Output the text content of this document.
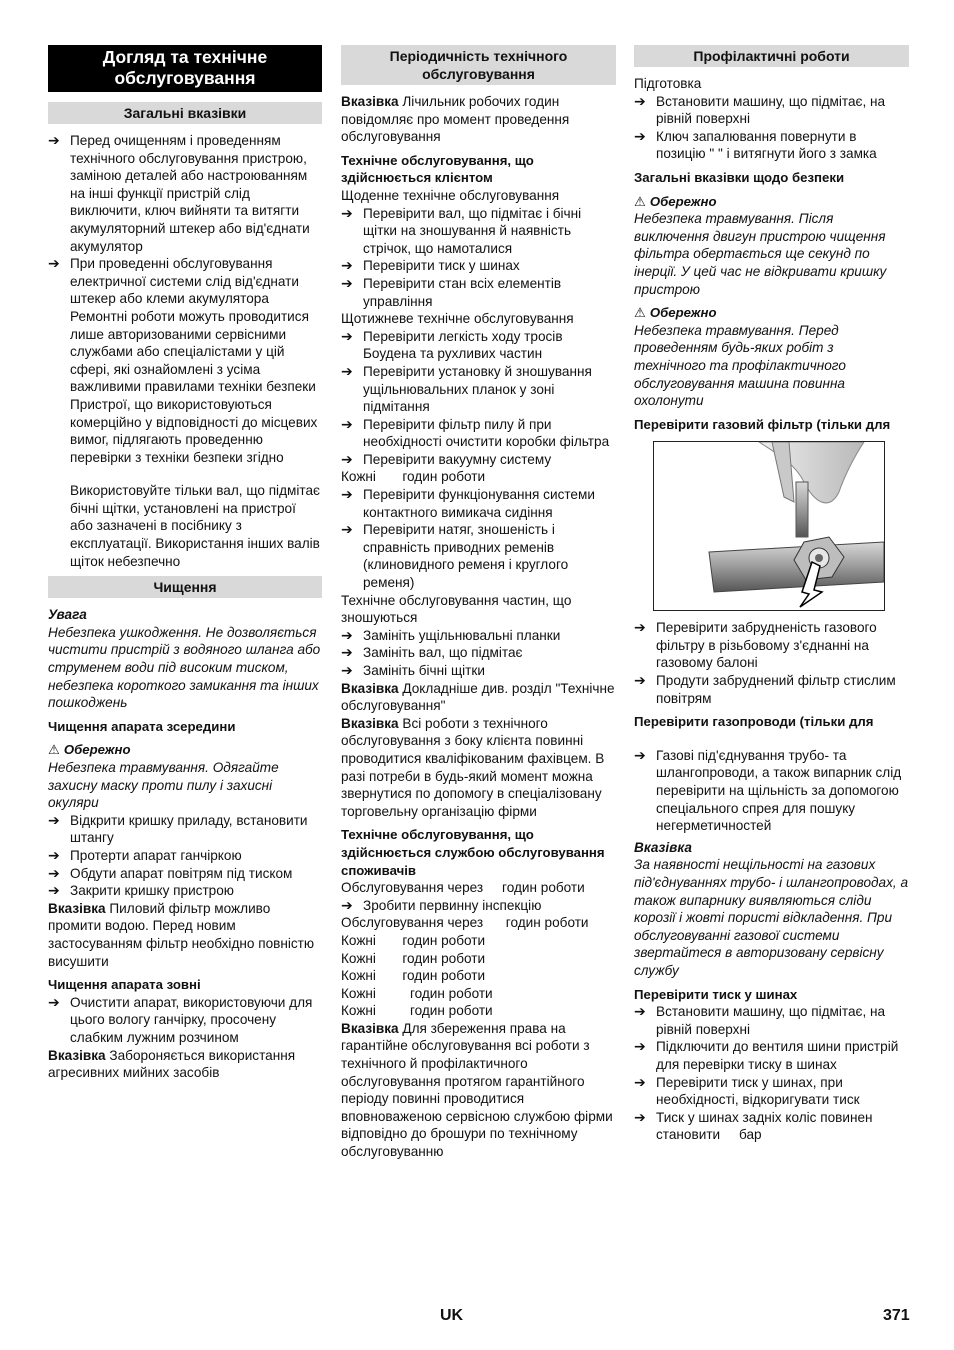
Догляд та технічне обслуговування
Загальні вказівки
➔ Перед очищенням і проведенням технічного обслуговування пристрою, заміною деталей або настроюванням на інші функції пристрій слід виключити, ключ вийняти та витягти акумуляторний штекер або від'єднати акумулятор
➔ При проведенні обслуговування електричної системи слід від'єднати штекер або клеми акумулятора
Ремонтні роботи можуть проводитися лише авторизованими сервісними службами або спеціалістами у цій сфері, які ознайомлені з усіма важливими правилами техніки безпеки
Пристрої, що використовуються комерційно у відповідності до місцевих вимог, підлягають проведенню перевірки з техніки безпеки згідно
Використовуйте тільки вал, що підмітає бічні щітки, установлені на пристрої або зазначені в посібнику з експлуатації. Використання інших валів щіток небезпечно
Чищення
Увага
Небезпека ушкодження. Не дозволяється чистити пристрій з водяного шланга або струменем води під високим тиском, небезпека короткого замикання та інших пошкоджень
Чищення апарата зсередини
⚠ Обережно
Небезпека травмування. Одягайте захисну маску проти пилу і захисні окуляри
➔ Відкрити кришку приладу, встановити штангу
➔ Протерти апарат ганчіркою
➔ Обдути апарат повітрям під тиском
➔ Закрити кришку пристрою
Вказівка Пиловий фільтр можливо промити водою. Перед новим застосуванням фільтр необхідно повністю висушити
Чищення апарата зовні
➔ Очистити апарат, використовуючи для цього вологу ганчірку, просочену слабким лужним розчином
Вказівка Забороняється використання агресивних мийних засобів
Періодичність технічного обслуговування
Вказівка Лічильник робочих годин повідомляє про момент проведення обслуговування
Технічне обслуговування, що здійснюється клієнтом
Щоденне технічне обслуговування
➔ Перевірити вал, що підмітає і бічні щітки на зношування й наявність стрічок, що намоталися
➔ Перевірити тиск у шинах
➔ Перевірити стан всіх елементів управління
Щотижневе технічне обслуговування
➔ Перевірити легкість ходу тросів Боудена та рухливих частин
➔ Перевірити установку й зношування ущільнювальних планок у зоні підмітання
➔ Перевірити фільтр пилу й при необхідності очистити коробки фільтра
➔ Перевірити вакуумну систему
Кожні       годин роботи
➔ Перевірити функціонування системи контактного вимикача сидіння
➔ Перевірити натяг, зношеність і справність приводних ременів (клиновидного ременя і круглого ременя)
Технічне обслуговування частин, що зношуються
➔ Замініть ущільнювальні планки
➔ Замініть вал, що підмітає
➔ Замініть бічні щітки
Вказівка Докладніше див. розділ "Технічне обслуговування"
Вказівка Всі роботи з технічного обслуговування з боку клієнта повинні проводитися кваліфікованим фахівцем. В разі потреби в будь-який момент можна звернутися по допомогу в спеціалізовану торговельну організацію фірми
Технічне обслуговування, що здійснюється службою обслуговування споживачів
Обслуговування через     годин роботи
➔ Зробити первинну інспекцію
Обслуговування через      годин роботи
Кожні       годин роботи
Кожні       годин роботи
Кожні       годин роботи
Кожні         годин роботи
Кожні         годин роботи
Вказівка Для збереження права на гарантійне обслуговування всі роботи з технічного й профілактичного обслуговування протягом гарантійного періоду повинні проводитися вповноваженою сервісною службою фірми відповідно до брошури по технічному обслуговуванню
Профілактичні роботи
Підготовка
➔ Встановити машину, що підмітає, на рівній поверхні
➔ Ключ запалювання повернути в позицію " " і витягнути його з замка
Загальні вказівки щодо безпеки
⚠ Обережно
Небезпека травмування. Після виключення двигун пристрою чищення фільтра обертається ще секунд по інерції. У цей час не відкривати кришку пристрою
⚠ Обережно
Небезпека травмування. Перед проведенням будь-яких робіт з технічного та профілактичного обслуговування машина повинна охолонути
Перевірити газовий фільтр (тільки для
➔ Перевірити забрудненість газового фільтру в різьбовому з'єднанні на газовому балоні
➔ Продути забруднений фільтр стислим повітрям
Перевірити газопроводи (тільки для
➔ Газові під'єднування трубо- та шлангопроводи, а також випарник слід перевірити на щільність за допомогою спеціального спрея для пошуку негерметичностей
Вказівка
За наявності нещільності на газових під'єднуваннях трубо- і шлангопроводах, а також випарнику виявляються сліди корозії і жовті пористі відкладення. При обслуговуванні газової системи звертайтеся в авторизовану сервісну службу
Перевірити тиск у шинах
➔ Встановити машину, що підмітає, на рівній поверхні
➔ Підключити до вентиля шини пристрій для перевірки тиску в шинах
➔ Перевірити тиск у шинах, при необхідності, відкоригувати тиск
➔ Тиск у шинах задніх коліс повинен становити     бар
UK	371
